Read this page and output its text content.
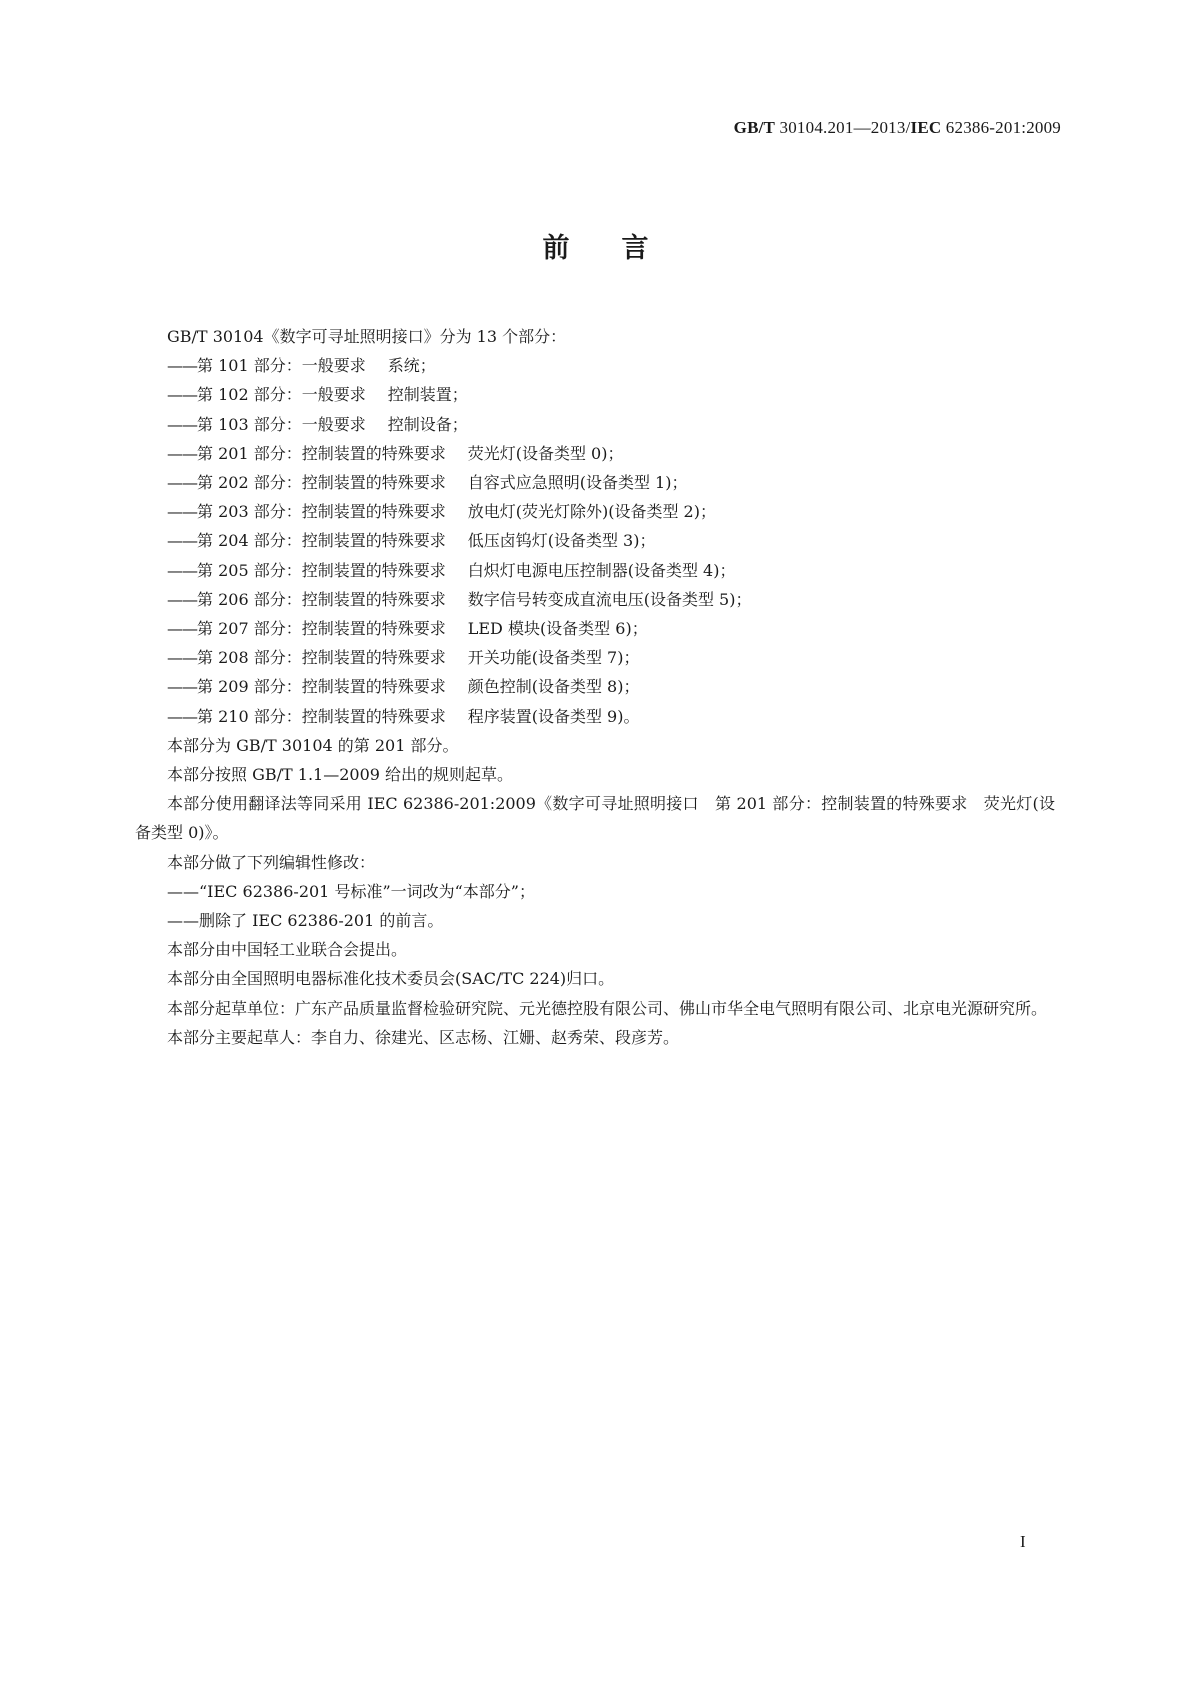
GB/T 30104.201—2013/IEC 62386-201:2009
前言

GB/T 30104《数字可寻址照明接口》分为 13 个部分：

——第 101 部分：一般要求 系统；

——第 102 部分：一般要求 控制装置；

——第 103 部分：一般要求 控制设备；

——第 201 部分：控制装置的特殊要求 荧光灯(设备类型 0)；

——第 202 部分：控制装置的特殊要求 自容式应急照明(设备类型 1)；

——第 203 部分：控制装置的特殊要求 放电灯(荧光灯除外)(设备类型 2)；

——第 204 部分：控制装置的特殊要求 低压卤钨灯(设备类型 3)；

——第 205 部分：控制装置的特殊要求 白炽灯电源电压控制器(设备类型 4)；

——第 206 部分：控制装置的特殊要求 数字信号转变成直流电压(设备类型 5)；

——第 207 部分：控制装置的特殊要求 LED 模块(设备类型 6)；

——第 208 部分：控制装置的特殊要求 开关功能(设备类型 7)；

——第 209 部分：控制装置的特殊要求 颜色控制(设备类型 8)；

——第 210 部分：控制装置的特殊要求 程序装置(设备类型 9)。

本部分为 GB/T 30104 的第 201 部分。

本部分按照 GB/T 1.1—2009 给出的规则起草。

本部分使用翻译法等同采用 IEC 62386-201:2009《数字可寻址照明接口　第 201 部分：控制装置的特殊要求　荧光灯(设备类型 0)》。

本部分做了下列编辑性修改：

——“IEC 62386-201 号标准”一词改为“本部分”；

——删除了 IEC 62386-201 的前言。

本部分由中国轻工业联合会提出。

本部分由全国照明电器标准化技术委员会(SAC/TC 224)归口。

本部分起草单位：广东产品质量监督检验研究院、元光德控股有限公司、佛山市华全电气照明有限公司、北京电光源研究所。

本部分主要起草人：李自力、徐建光、区志杨、江姗、赵秀荣、段彦芳。

I
